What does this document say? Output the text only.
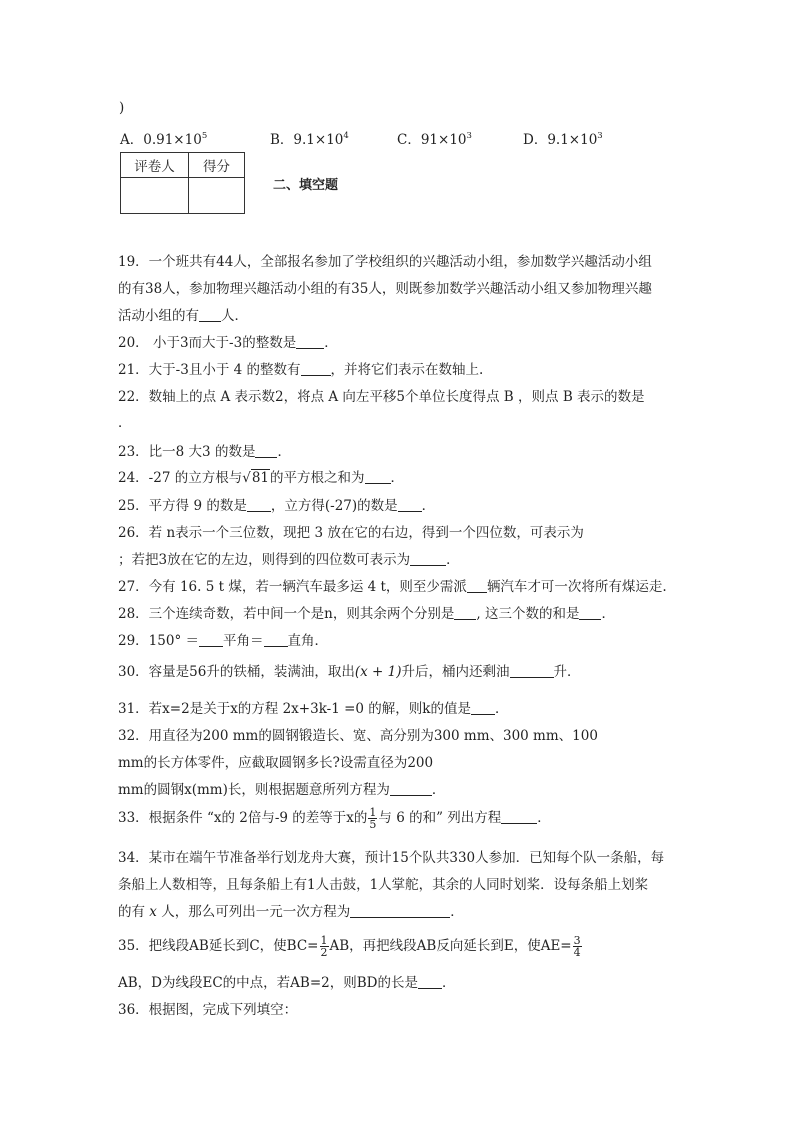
)
A．$0.91\times 10^5$	B．$9.1\times 10^4$	C．$91\times 10^3$	D．$9.1\times 10^3$
评卷人	得分

二、填空题
19．一个班共有44人，全部报名参加了学校组织的兴趣活动小组，参加数学兴趣活动小组
的有38人，参加物理兴趣活动小组的有35人，则既参加数学兴趣活动小组又参加物理兴趣
活动小组的有 人．
20． 小于3而大于-3的整数是 ．
21．大于-3且小于 4 的整数有 ，并将它们表示在数轴上.
22．数轴上的点 A 表示数2，将点 A 向左平移5个单位长度得点 B ，则点 B 表示的数是
．
23．比一8 大3 的数是 ．
24．-27 的立方根与√81的平方根之和为 ．
25．平方得 9 的数是 ，立方得(-27)的数是 ．
26．若 n表示一个三位数，现把 3 放在它的右边，得到一个四位数，可表示为
；若把3放在它的左边，则得到的四位数可表示为	．
27．今有 16. 5 t 煤，若一辆汽车最多运 4 t，则至少需派 辆汽车才可一次将所有煤运走.
28．三个连续奇数，若中间一个是n，则其余两个分别是 , 这三个数的和是 ．
29．150° ＝ 平角＝ 直角．
30．容量是56升的铁桶，装满油，取出(x + 1)升后，桶内还剩油	升．
31．若x=2是关于x的方程 2x+3k-1 =0 的解，则k的值是 ．
32．用直径为200 mm的圆钢锻造长、宽、高分别为300 mm、300 mm、100
mm的长方体零件，应截取圆钢多长?设需直径为200
mm的圆钢x(mm)长，则根据题意所列方程为	．
33．根据条件 “x的 2倍与-9 的差等于x的 $\frac{1}{5}$ 与 6 的和” 列出方程	．
34．某市在端午节准备举行划龙舟大赛，预计15个队共330人参加．已知每个队一条船，每
条船上人数相等，且每条船上有1人击鼓，1人掌舵，其余的人同时划桨．设每条船上划桨
的有 x 人，那么可列出一元一次方程为	．
35．把线段AB延长到C，使$BC= \frac{1}{2}$ AB，再把线段AB反向延长到E，使$AE= \frac{3}{4}$
AB，D为线段EC的中点，若AB=2，则BD的长是 ．
36．根据图，完成下列填空：
